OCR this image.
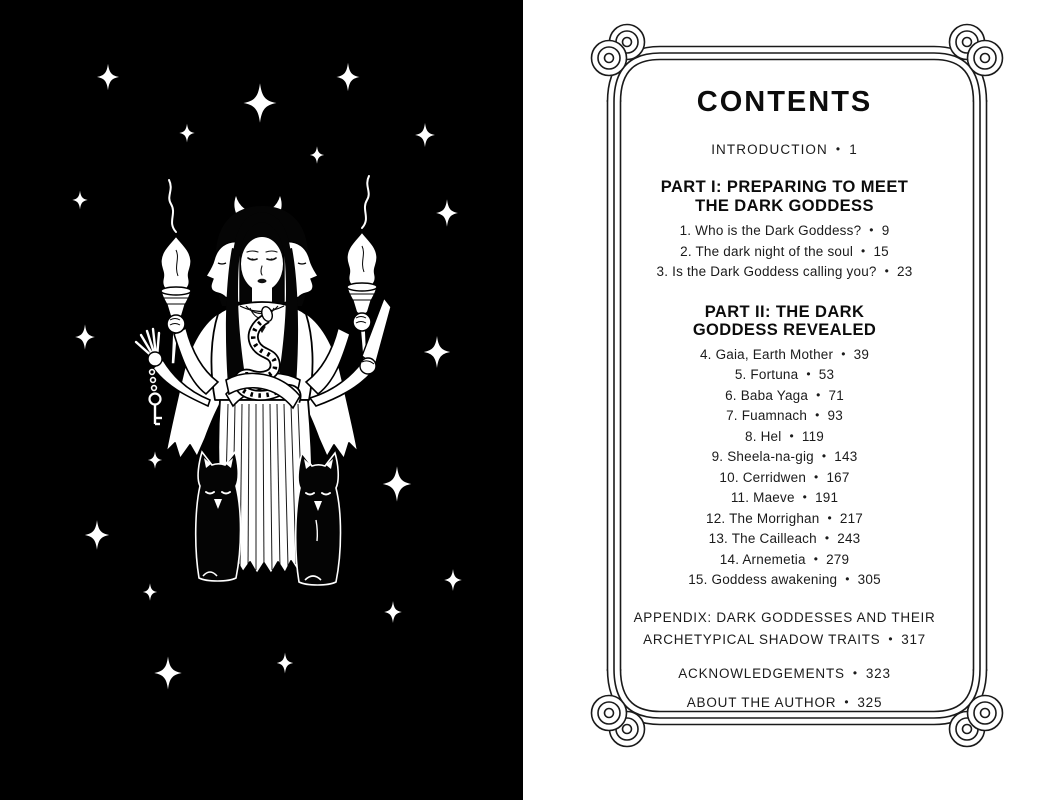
CONTENTS
INTRODUCTION • 1
PART I: PREPARING TO MEET
THE DARK GODDESS
1. Who is the Dark Goddess? • 9
2. The dark night of the soul • 15
3. Is the Dark Goddess calling you? • 23
PART II: THE DARK
GODDESS REVEALED
4. Gaia, Earth Mother • 39
5. Fortuna • 53
6. Baba Yaga • 71
7. Fuamnach • 93
8. Hel • 119
9. Sheela-na-gig • 143
10. Cerridwen • 167
11. Maeve • 191
12. The Morrighan • 217
13. The Cailleach • 243
14. Arnemetia • 279
15. Goddess awakening • 305
APPENDIX: DARK GODDESSES AND THEIR
ARCHETYPICAL SHADOW TRAITS • 317
ACKNOWLEDGEMENTS • 323
ABOUT THE AUTHOR • 325
